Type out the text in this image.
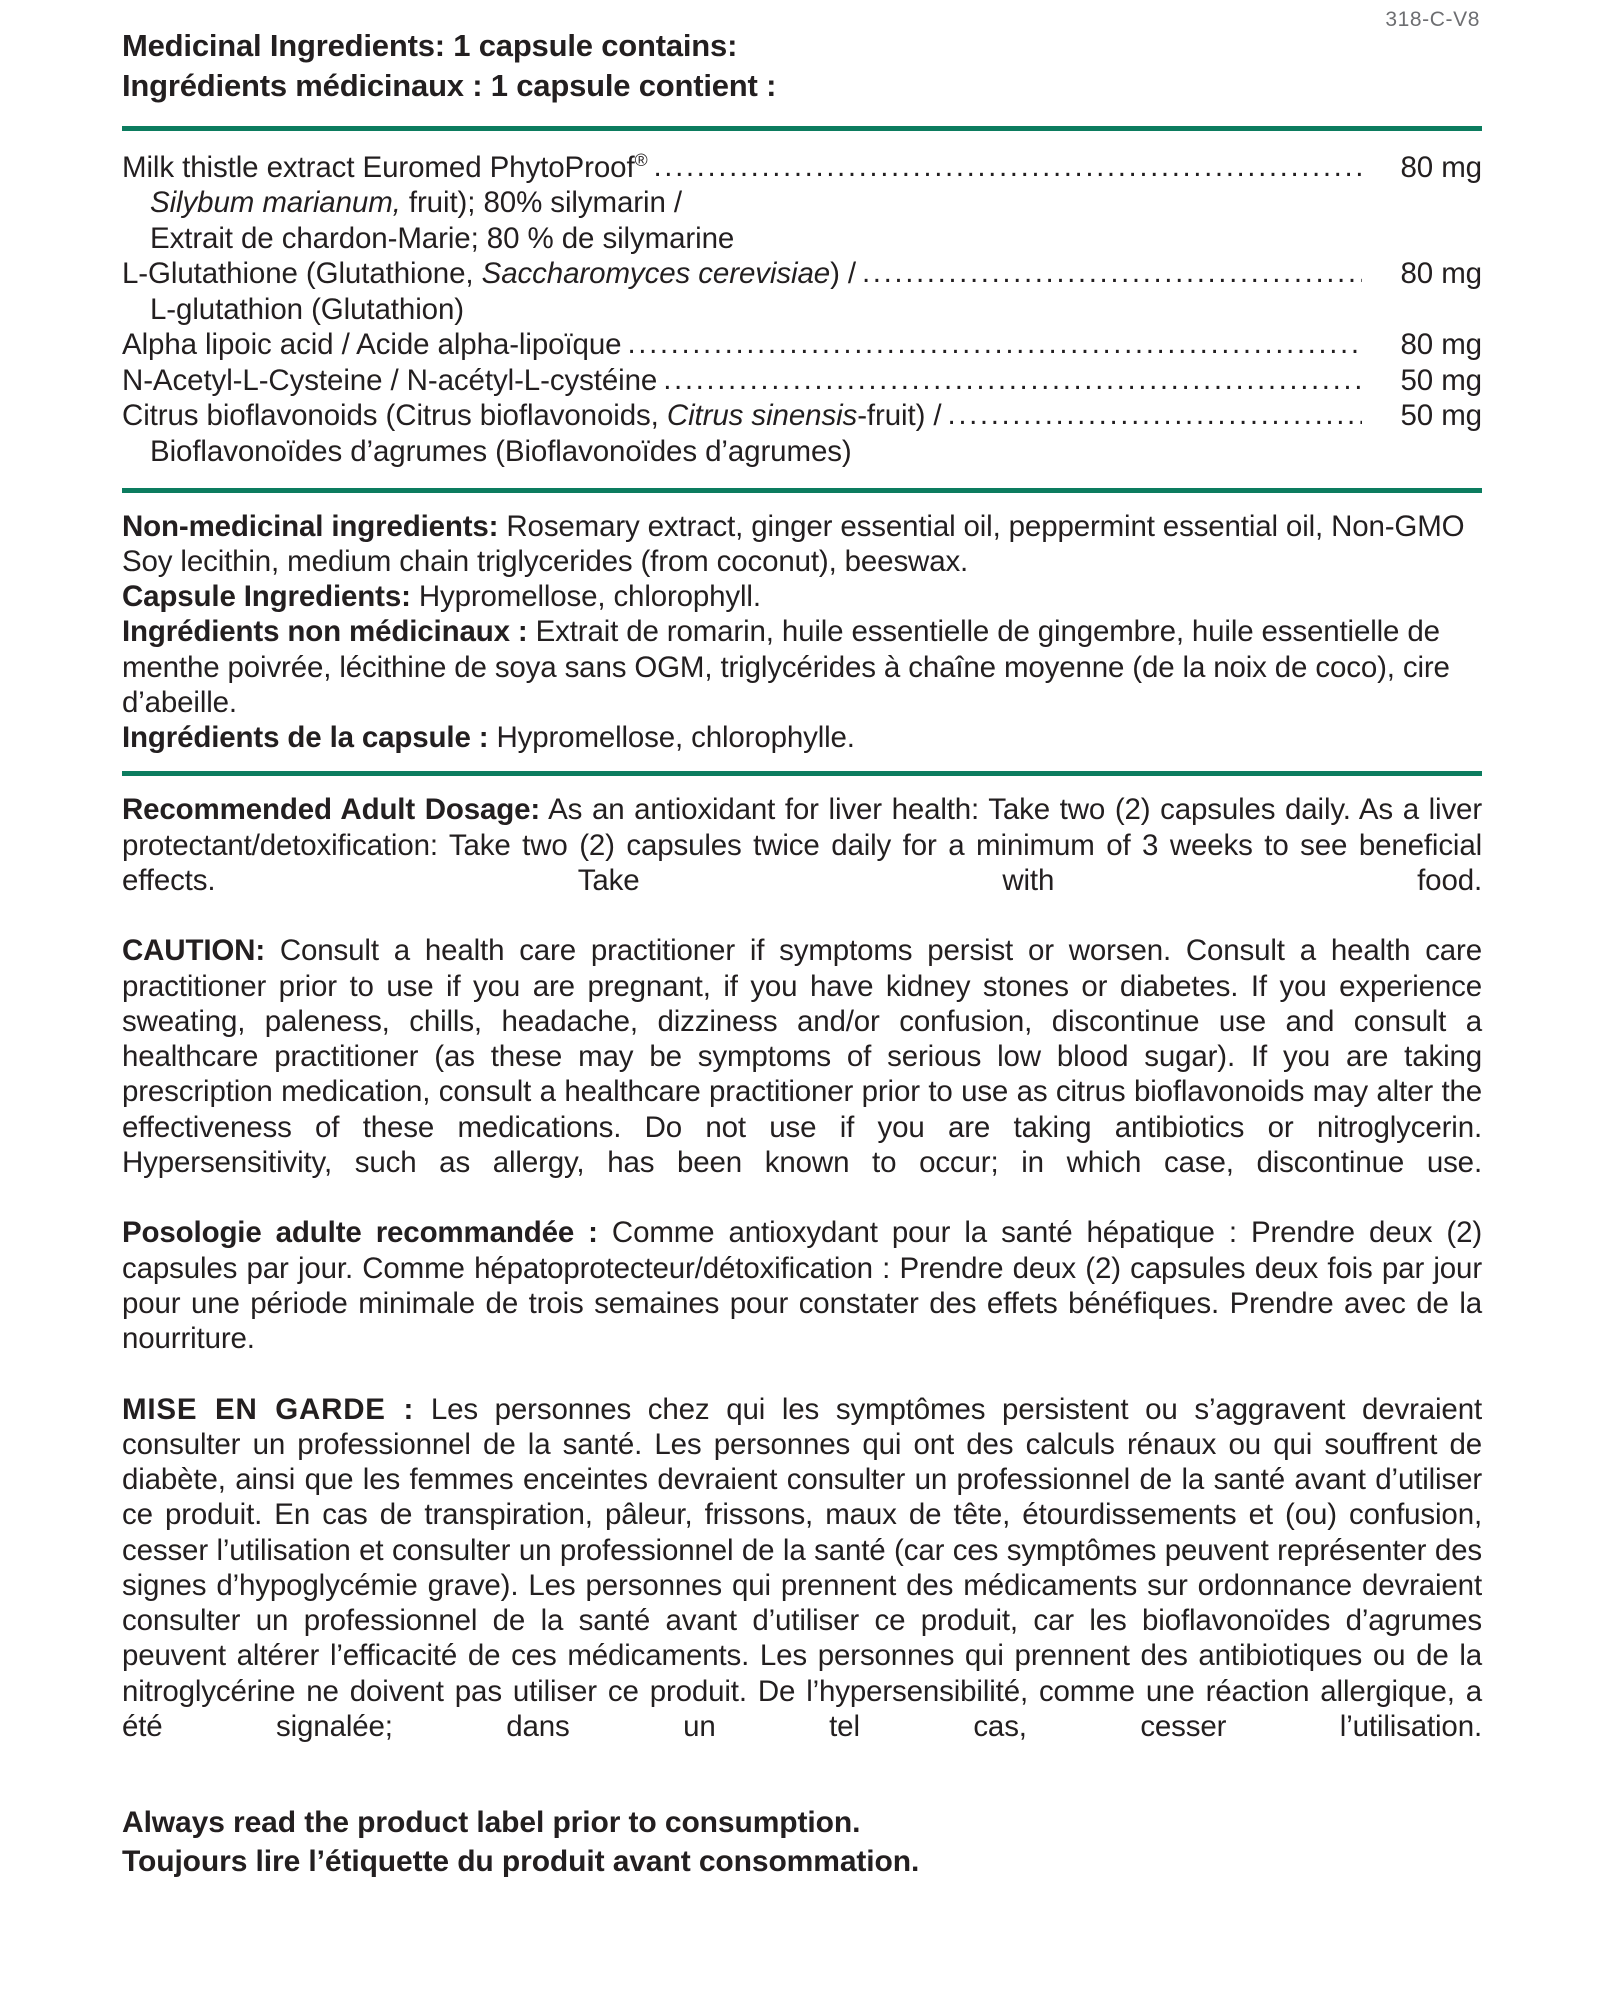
318-C-V8
Medicinal Ingredients: 1 capsule contains:
Ingrédients médicinaux : 1 capsule contient :
Milk thistle extract Euromed PhytoProof® .....	80 mg
Silybum marianum, fruit); 80% silymarin /
Extrait de chardon-Marie; 80 % de silymarine
L-Glutathione (Glutathione, Saccharomyces cerevisiae) / .....	80 mg
L-glutathion (Glutathion)
Alpha lipoic acid / Acide alpha-lipoïque .....	80 mg
N-Acetyl-L-Cysteine / N-acétyl-L-cystéine .....	50 mg
Citrus bioflavonoids (Citrus bioflavonoids, Citrus sinensis-fruit) / .....	50 mg
Bioflavonoïdes d’agrumes (Bioflavonoïdes d’agrumes)
Non-medicinal ingredients: Rosemary extract, ginger essential oil, peppermint essential oil, Non-GMO Soy lecithin, medium chain triglycerides (from coconut), beeswax.
Capsule Ingredients: Hypromellose, chlorophyll.
Ingrédients non médicinaux : Extrait de romarin, huile essentielle de gingembre, huile essentielle de menthe poivrée, lécithine de soya sans OGM, triglycérides à chaîne moyenne (de la noix de coco), cire d’abeille.
Ingrédients de la capsule : Hypromellose, chlorophylle.
Recommended Adult Dosage: As an antioxidant for liver health: Take two (2) capsules daily. As a liver protectant/detoxification: Take two (2) capsules twice daily for a minimum of 3 weeks to see beneficial effects. Take with food.
CAUTION: Consult a health care practitioner if symptoms persist or worsen. Consult a health care practitioner prior to use if you are pregnant, if you have kidney stones or diabetes. If you experience sweating, paleness, chills, headache, dizziness and/or confusion, discontinue use and consult a healthcare practitioner (as these may be symptoms of serious low blood sugar). If you are taking prescription medication, consult a healthcare practitioner prior to use as citrus bioflavonoids may alter the effectiveness of these medications. Do not use if you are taking antibiotics or nitroglycerin. Hypersensitivity, such as allergy, has been known to occur; in which case, discontinue use.
Posologie adulte recommandée : Comme antioxydant pour la santé hépatique : Prendre deux (2) capsules par jour. Comme hépatoprotecteur/détoxification : Prendre deux (2) capsules deux fois par jour pour une période minimale de trois semaines pour constater des effets bénéfiques. Prendre avec de la nourriture.
MISE EN GARDE : Les personnes chez qui les symptômes persistent ou s’aggravent devraient consulter un professionnel de la santé. Les personnes qui ont des calculs rénaux ou qui souffrent de diabète, ainsi que les femmes enceintes devraient consulter un professionnel de la santé avant d’utiliser ce produit. En cas de transpiration, pâleur, frissons, maux de tête, étourdissements et (ou) confusion, cesser l’utilisation et consulter un professionnel de la santé (car ces symptômes peuvent représenter des signes d’hypoglycémie grave). Les personnes qui prennent des médicaments sur ordonnance devraient consulter un professionnel de la santé avant d’utiliser ce produit, car les bioflavonoïdes d’agrumes peuvent altérer l’efficacité de ces médicaments. Les personnes qui prennent des antibiotiques ou de la nitroglycérine ne doivent pas utiliser ce produit. De l’hypersensibilité, comme une réaction allergique, a été signalée; dans un tel cas, cesser l’utilisation.
Always read the product label prior to consumption.
Toujours lire l’étiquette du produit avant consommation.
